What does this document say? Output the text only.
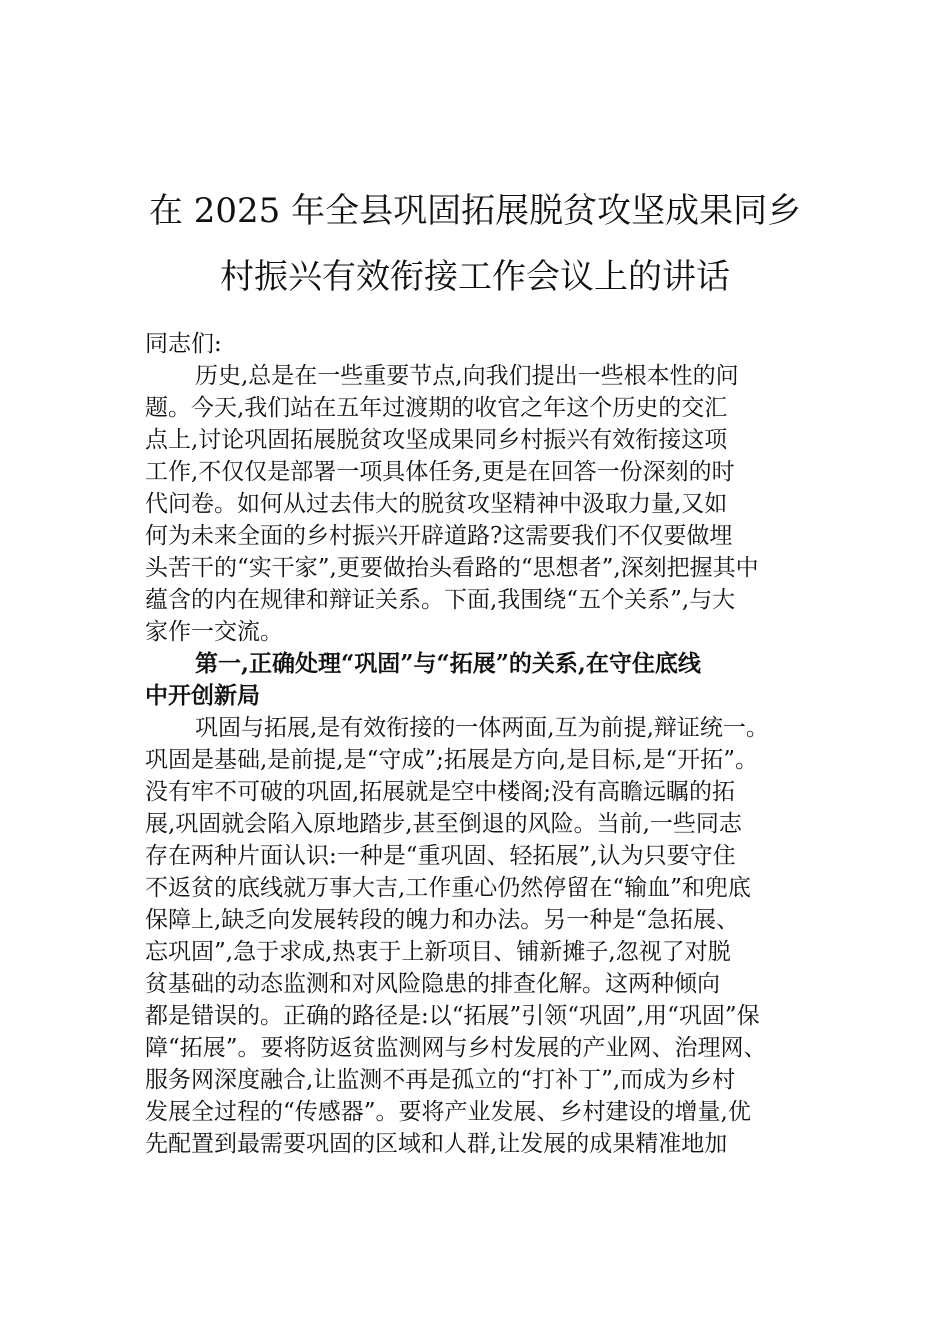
在 2025 年全县巩固拓展脱贫攻坚成果同乡
村振兴有效衔接工作会议上的讲话
同志们:
历史,总是在一些重要节点,向我们提出一些根本性的问
题。今天,我们站在五年过渡期的收官之年这个历史的交汇
点上,讨论巩固拓展脱贫攻坚成果同乡村振兴有效衔接这项
工作,不仅仅是部署一项具体任务,更是在回答一份深刻的时
代问卷。如何从过去伟大的脱贫攻坚精神中汲取力量,又如
何为未来全面的乡村振兴开辟道路?这需要我们不仅要做埋
头苦干的“实干家”,更要做抬头看路的“思想者”,深刻把握其中
蕴含的内在规律和辩证关系。下面,我围绕“五个关系”,与大
家作一交流。
第一,正确处理“巩固”与“拓展”的关系,在守住底线
中开创新局
巩固与拓展,是有效衔接的一体两面,互为前提,辩证统一。
巩固是基础,是前提,是“守成”;拓展是方向,是目标,是“开拓”。
没有牢不可破的巩固,拓展就是空中楼阁;没有高瞻远瞩的拓
展,巩固就会陷入原地踏步,甚至倒退的风险。当前,一些同志
存在两种片面认识:一种是“重巩固、轻拓展”,认为只要守住
不返贫的底线就万事大吉,工作重心仍然停留在“输血”和兜底
保障上,缺乏向发展转段的魄力和办法。另一种是“急拓展、
忘巩固”,急于求成,热衷于上新项目、铺新摊子,忽视了对脱
贫基础的动态监测和对风险隐患的排查化解。这两种倾向
都是错误的。正确的路径是:以“拓展”引领“巩固”,用“巩固”保
障“拓展”。要将防返贫监测网与乡村发展的产业网、治理网、
服务网深度融合,让监测不再是孤立的“打补丁”,而成为乡村
发展全过程的“传感器”。要将产业发展、乡村建设的增量,优
先配置到最需要巩固的区域和人群,让发展的成果精准地加
